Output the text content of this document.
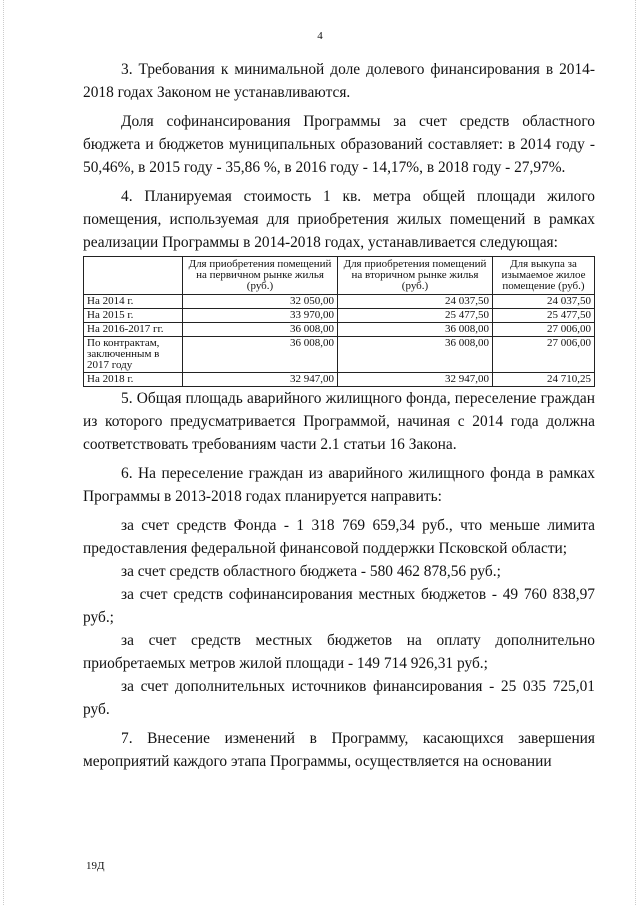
4

3. Требования к минимальной доле долевого финансирования в 2014-2018 годах Законом не устанавливаются.

Доля софинансирования Программы за счет средств областного бюджета и бюджетов муниципальных образований составляет: в 2014 году - 50,46%, в 2015 году - 35,86 %, в 2016 году - 14,17%, в 2018 году - 27,97%.

4. Планируемая стоимость 1 кв. метра общей площади жилого помещения, используемая для приобретения жилых помещений в рамках реализации Программы в 2014-2018 годах, устанавливается следующая:

	Для приобретения помещений на первичном рынке жилья (руб.)	Для приобретения помещений на вторичном рынке жилья (руб.)	Для выкупа за изымаемое жилое помещение (руб.)
На 2014 г.	32 050,00	24 037,50	24 037,50
На 2015 г.	33 970,00	25 477,50	25 477,50
На 2016-2017 гг.	36 008,00	36 008,00	27 006,00
По контрактам, заключенным в 2017 году	36 008,00	36 008,00	27 006,00
На 2018 г.	32 947,00	32 947,00	24 710,25

5. Общая площадь аварийного жилищного фонда, переселение граждан из которого предусматривается Программой, начиная с 2014 года должна соответствовать требованиям части 2.1 статьи 16 Закона.

6. На переселение граждан из аварийного жилищного фонда в рамках Программы в 2013-2018 годах планируется направить:

за счет средств Фонда - 1 318 769 659,34 руб., что меньше лимита предоставления федеральной финансовой поддержки Псковской области;

за счет средств областного бюджета - 580 462 878,56 руб.;

за счет средств софинансирования местных бюджетов - 49 760 838,97 руб.;

за счет средств местных бюджетов на оплату дополнительно приобретаемых метров жилой площади - 149 714 926,31 руб.;

за счет дополнительных источников финансирования - 25 035 725,01 руб.

7. Внесение изменений в Программу, касающихся завершения мероприятий каждого этапа Программы, осуществляется на основании

19Д
